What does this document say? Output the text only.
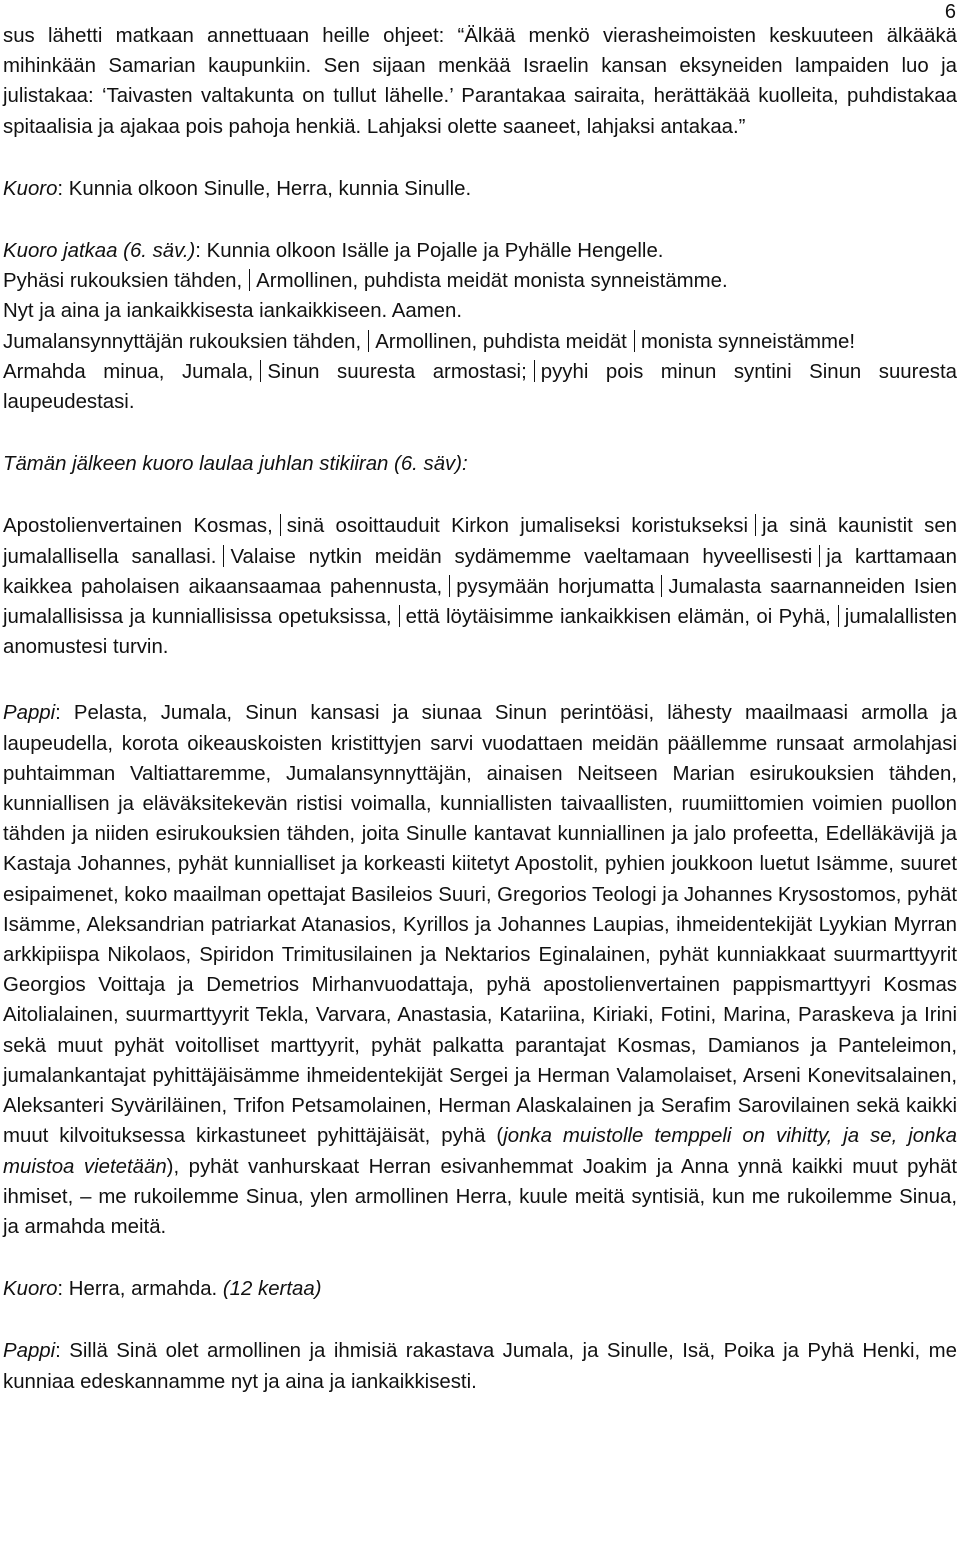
6

sus lähetti matkaan annettuaan heille ohjeet: “Älkää menkö vierasheimoisten keskuuteen älkääkä mihinkään Samarian kaupunkiin. Sen sijaan menkää Israelin kansan eksyneiden lampaiden luo ja julistakaa: ‘Taivasten valtakunta on tullut lähelle.’ Parantakaa sairaita, herättäkää kuolleita, puhdistakaa spitaalisia ja ajakaa pois pahoja henkiä. Lahjaksi olette saaneet, lahjaksi antakaa.”

Kuoro: Kunnia olkoon Sinulle, Herra, kunnia Sinulle.

Kuoro jatkaa (6. säv.): Kunnia olkoon Isälle ja Pojalle ja Pyhälle Hengelle.

Pyhäsi rukouksien tähden, Armollinen, puhdista meidät monista synneistämme.

Nyt ja aina ja iankaikkisesta iankaikkiseen. Aamen.

Jumalansynnyttäjän rukouksien tähden, Armollinen, puhdista meidät monista synneistämme!

Armahda minua, Jumala, Sinun suuresta armostasi; pyyhi pois minun syntini Sinun suuresta laupeudestasi.

Tämän jälkeen kuoro laulaa juhlan stikiiran (6. säv):

Apostolienvertainen Kosmas, sinä osoittauduit Kirkon jumaliseksi koristukseksi ja sinä kaunistit sen jumalallisella sanallasi. Valaise nytkin meidän sydämemme vaeltamaan hyveellisesti ja karttamaan kaikkea paholaisen aikaansaamaa pahennusta, pysymään horjumatta Jumalasta saarnanneiden Isien jumalallisissa ja kunniallisissa opetuksissa, että löytäisimme iankaikkisen elämän, oi Pyhä, jumalallisten anomustesi turvin.

Pappi: Pelasta, Jumala, Sinun kansasi ja siunaa Sinun perintöäsi, lähesty maailmaasi armolla ja laupeudella, korota oikeauskoisten kristittyjen sarvi vuodattaen meidän päällemme runsaat armolahjasi puhtaimman Valtiattaremme, Jumalansynnyttäjän, ainaisen Neitseen Marian esirukouksien tähden, kunniallisen ja eläväksitekevän ristisi voimalla, kunniallisten taivaallisten, ruumiittomien voimien puollon tähden ja niiden esirukouksien tähden, joita Sinulle kantavat kunniallinen ja jalo profeetta, Edelläkävijä ja Kastaja Johannes, pyhät kunnialliset ja korkeasti kiitetyt Apostolit, pyhien joukkoon luetut Isämme, suuret esipaimenet, koko maailman opettajat Basileios Suuri, Gregorios Teologi ja Johannes Krysostomos, pyhät Isämme, Aleksandrian patriarkat Atanasios, Kyrillos ja Johannes Laupias, ihmeidentekijät Lyykian Myrran arkkipiispa Nikolaos, Spiridon Trimitusilainen ja Nektarios Eginalainen, pyhät kunniakkaat suurmarttyyrit Georgios Voittaja ja Demetrios Mirhanvuodattaja, pyhä apostolienvertainen pappismarttyyri Kosmas Aitolialainen, suurmarttyyrit Tekla, Varvara, Anastasia, Katariina, Kiriaki, Fotini, Marina, Paraskeva ja Irini sekä muut pyhät voitolliset marttyyrit, pyhät palkatta parantajat Kosmas, Damianos ja Panteleimon, jumalankantajat pyhittäjäisämme ihmeidentekijät Sergei ja Herman Valamolaiset, Arseni Konevitsalainen, Aleksanteri Syväriläinen, Trifon Petsamolainen, Herman Alaskalainen ja Serafim Sarovilainen sekä kaikki muut kilvoituksessa kirkastuneet pyhittäjäisät, pyhä (jonka muistolle temppeli on vihitty, ja se, jonka muistoa vietetään), pyhät vanhurskaat Herran esivanhemmat Joakim ja Anna ynnä kaikki muut pyhät ihmiset, – me rukoilemme Sinua, ylen armollinen Herra, kuule meitä syntisiä, kun me rukoilemme Sinua, ja armahda meitä.

Kuoro: Herra, armahda. (12 kertaa)

Pappi: Sillä Sinä olet armollinen ja ihmisiä rakastava Jumala, ja Sinulle, Isä, Poika ja Pyhä Henki, me kunniaa edeskannamme nyt ja aina ja iankaikkisesti.
